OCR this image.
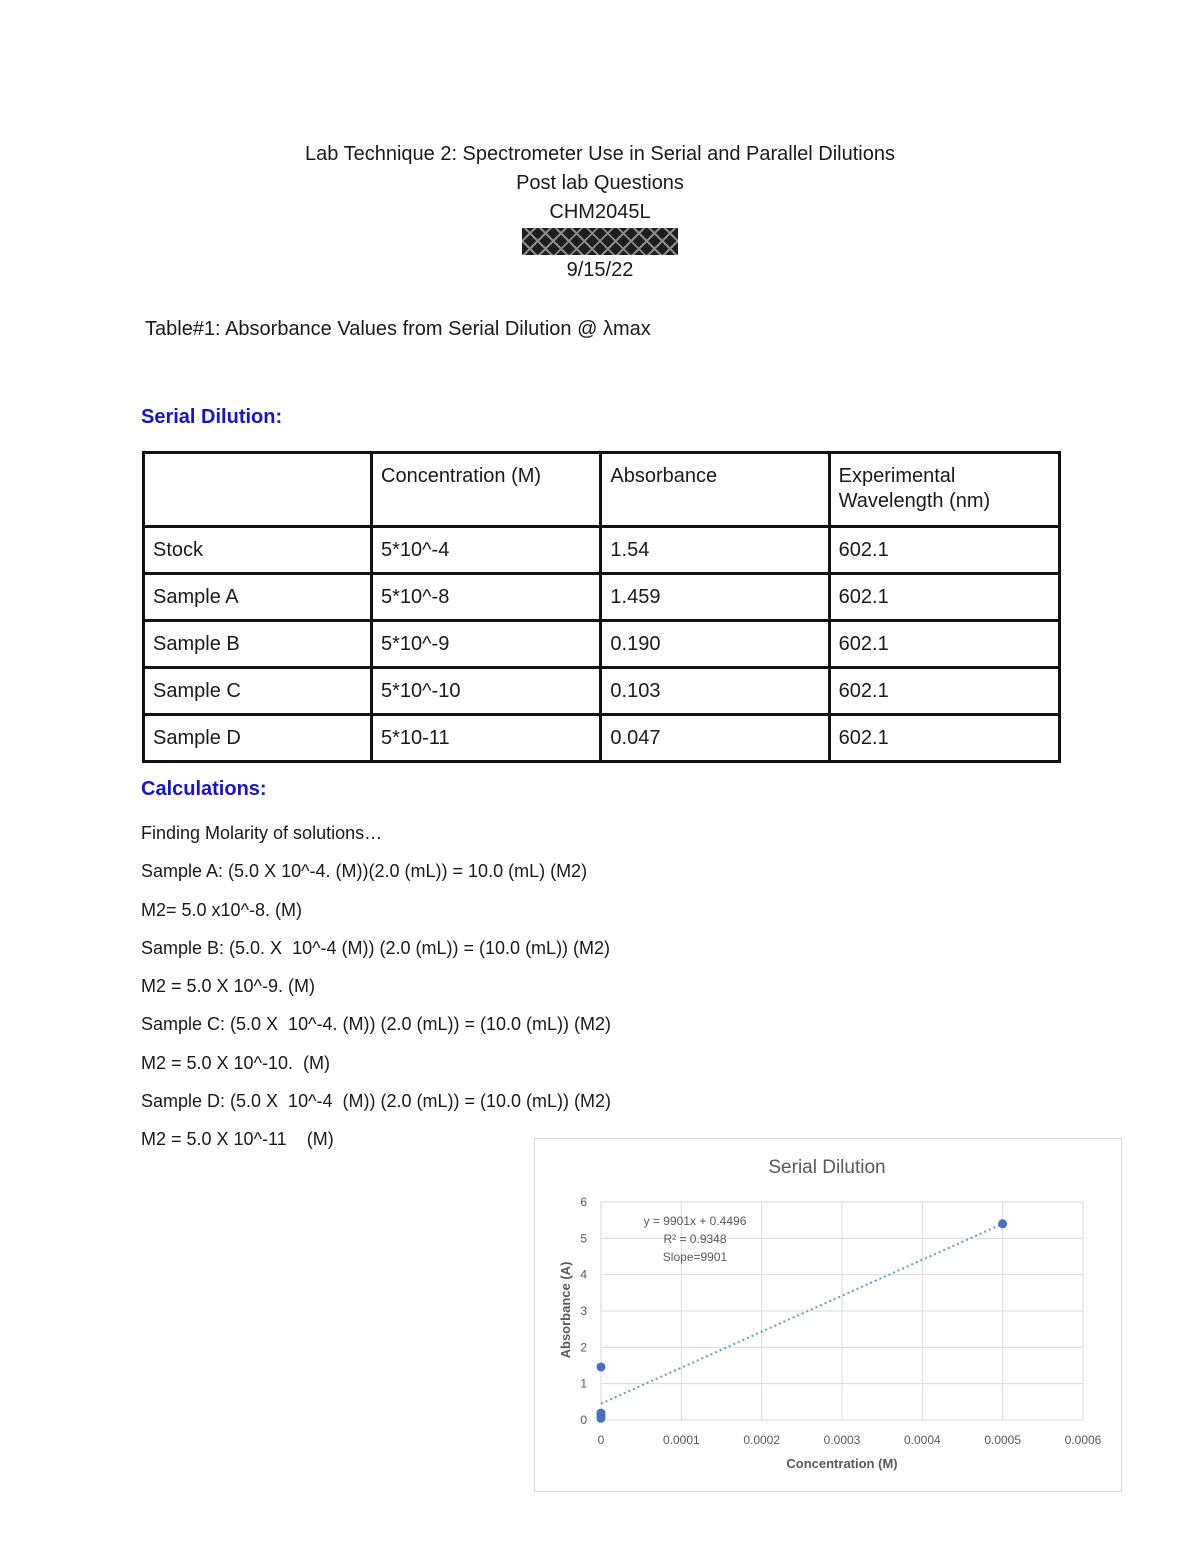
Lab Technique 2: Spectrometer Use in Serial and Parallel Dilutions
Post lab Questions
CHM2045L
9/15/22
Table#1: Absorbance Values from Serial Dilution @ λmax
Serial Dilution:
	Concentration (M)	Absorbance	Experimental Wavelength (nm)
Stock	5*10^-4	1.54	602.1
Sample A	5*10^-8	1.459	602.1
Sample B	5*10^-9	0.190	602.1
Sample C	5*10^-10	0.103	602.1
Sample D	5*10-11	0.047	602.1
Calculations:
Finding Molarity of solutions…
Sample A: (5.0 X 10^-4. (M))(2.0 (mL)) = 10.0 (mL) (M2)
M2= 5.0 x10^-8. (M)
Sample B: (5.0. X  10^-4 (M)) (2.0 (mL)) = (10.0 (mL)) (M2)
M2 = 5.0 X 10^-9. (M)
Sample C: (5.0 X  10^-4. (M)) (2.0 (mL)) = (10.0 (mL)) (M2)
M2 = 5.0 X 10^-10.  (M)
Sample D: (5.0 X  10^-4  (M)) (2.0 (mL)) = (10.0 (mL)) (M2)
M2 = 5.0 X 10^-11    (M)
Serial Dilution
0
1
2
3
4
5
6
0	0.0001	0.0002	0.0003	0.0004	0.0005	0.0006
Absorbance (A)
Concentration (M)
y = 9901x + 0.4496
R² = 0.9348
Slope=9901
